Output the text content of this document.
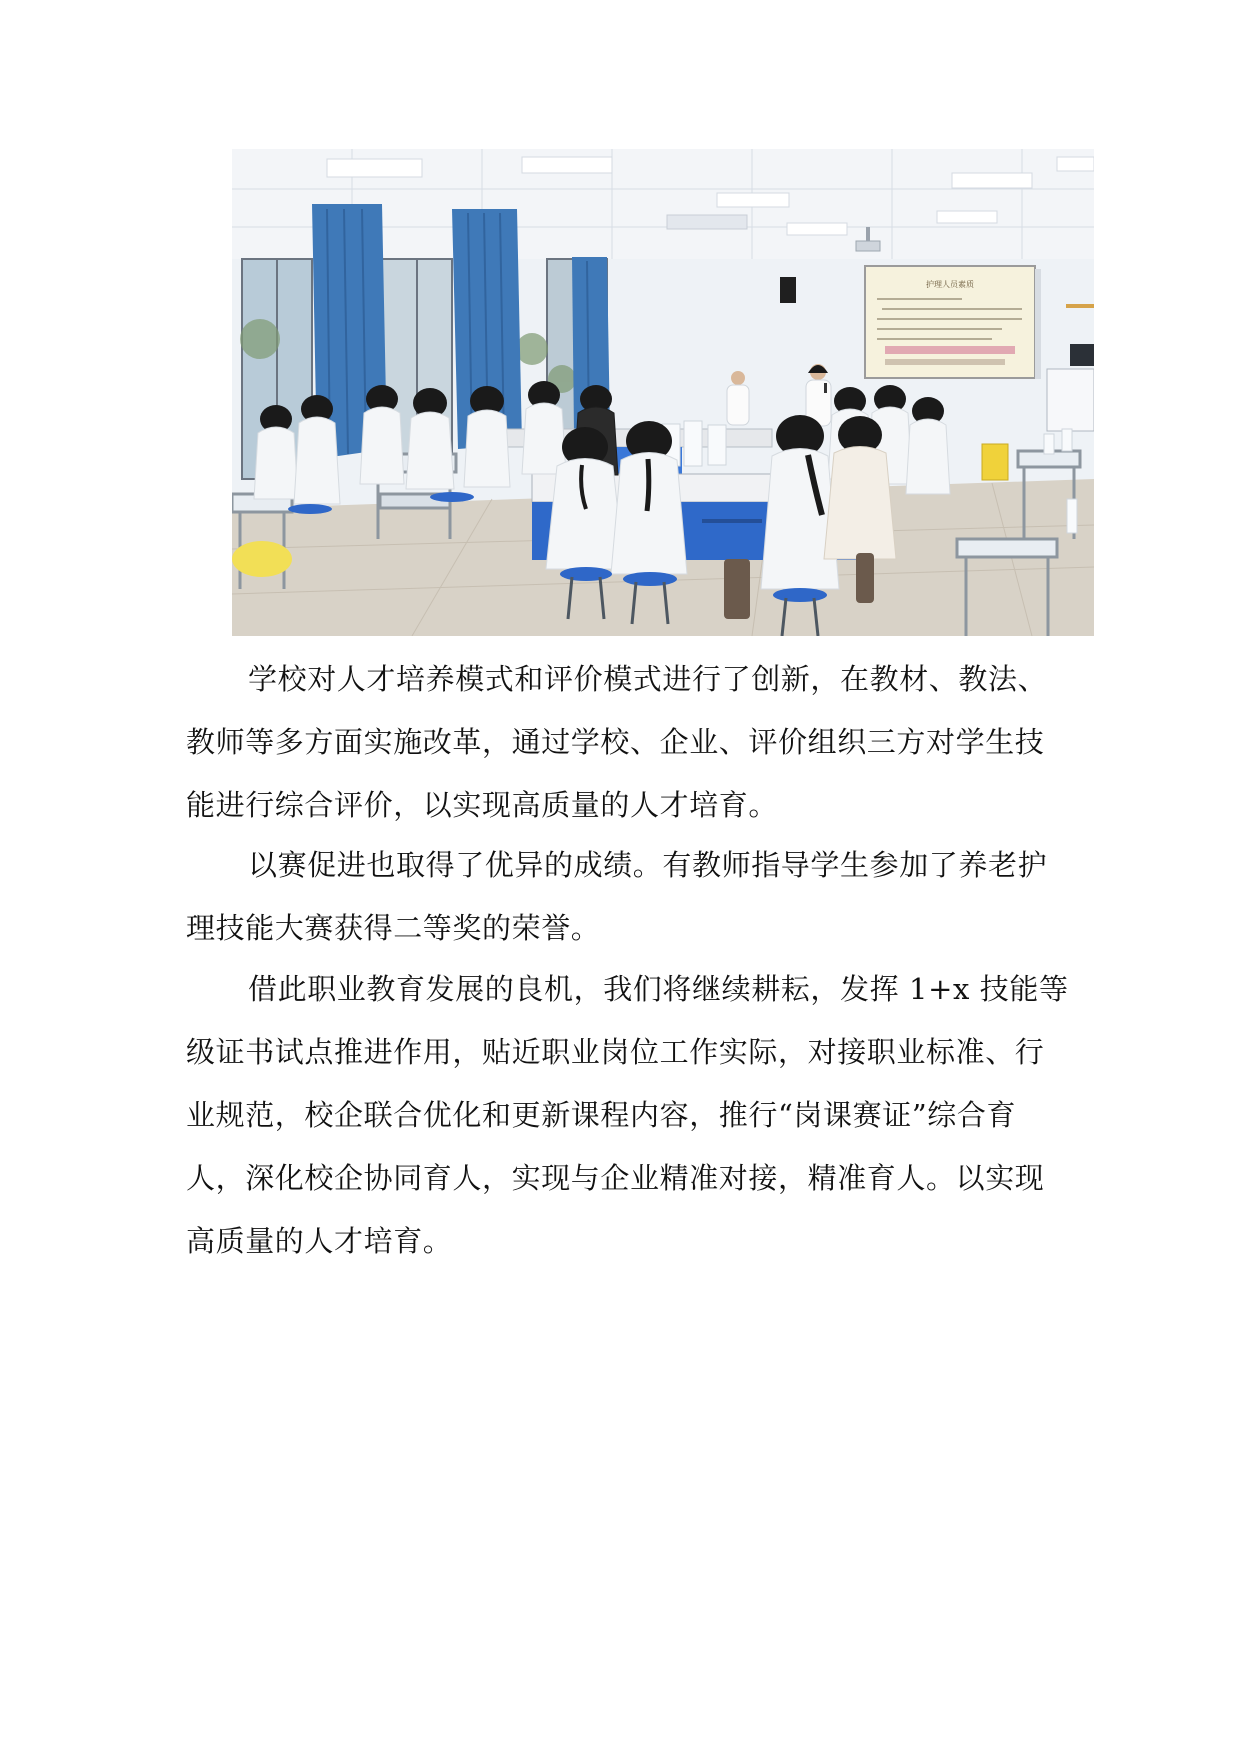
护理人员素质
学校对人才培养模式和评价模式进行了创新，在教材、教法、
教师等多方面实施改革，通过学校、企业、评价组织三方对学生技
能进行综合评价，以实现高质量的人才培育。
以赛促进也取得了优异的成绩。有教师指导学生参加了养老护
理技能大赛获得二等奖的荣誉。
借此职业教育发展的良机，我们将继续耕耘，发挥 1+x 技能等
级证书试点推进作用，贴近职业岗位工作实际，对接职业标准、行
业规范，校企联合优化和更新课程内容，推行“岗课赛证”综合育
人，深化校企协同育人，实现与企业精准对接，精准育人。以实现
高质量的人才培育。
